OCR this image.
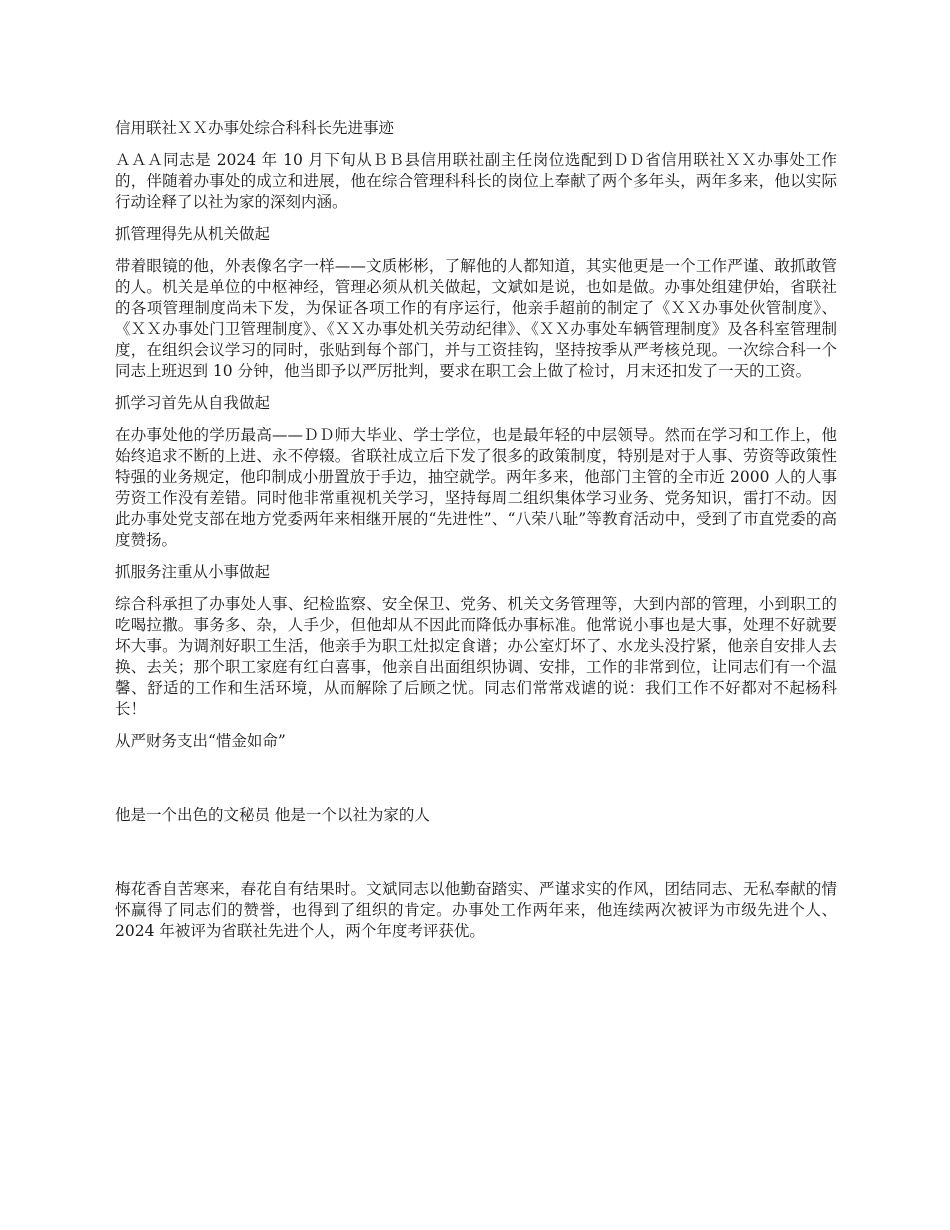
信用联社ＸＸ办事处综合科科长先进事迹

ＡＡＡ同志是 2024 年 10 月下旬从ＢＢ县信用联社副主任岗位选配到ＤＤ省信用联社ＸＸ办事处工作的，伴随着办事处的成立和进展，他在综合管理科科长的岗位上奉献了两个多年头，两年多来，他以实际行动诠释了以社为家的深刻内涵。

抓管理得先从机关做起

带着眼镜的他，外表像名字一样——文质彬彬，了解他的人都知道，其实他更是一个工作严谨、敢抓敢管的人。机关是单位的中枢神经，管理必须从机关做起，文斌如是说，也如是做。办事处组建伊始，省联社的各项管理制度尚未下发，为保证各项工作的有序运行，他亲手超前的制定了《ＸＸ办事处伙管制度》、《ＸＸ办事处门卫管理制度》、《ＸＸ办事处机关劳动纪律》、《ＸＸ办事处车辆管理制度》及各科室管理制度，在组织会议学习的同时，张贴到每个部门，并与工资挂钩，坚持按季从严考核兑现。一次综合科一个同志上班迟到 10 分钟，他当即予以严厉批判，要求在职工会上做了检讨，月末还扣发了一天的工资。

抓学习首先从自我做起

在办事处他的学历最高——ＤＤ师大毕业、学士学位，也是最年轻的中层领导。然而在学习和工作上，他始终追求不断的上进、永不停辍。省联社成立后下发了很多的政策制度，特别是对于人事、劳资等政策性特强的业务规定，他印制成小册置放于手边，抽空就学。两年多来，他部门主管的全市近 2000 人的人事劳资工作没有差错。同时他非常重视机关学习，坚持每周二组织集体学习业务、党务知识，雷打不动。因此办事处党支部在地方党委两年来相继开展的“先进性”、“八荣八耻”等教育活动中，受到了市直党委的高度赞扬。

抓服务注重从小事做起

综合科承担了办事处人事、纪检监察、安全保卫、党务、机关文务管理等，大到内部的管理，小到职工的吃喝拉撒。事务多、杂，人手少，但他却从不因此而降低办事标准。他常说小事也是大事，处理不好就要坏大事。为调剂好职工生活，他亲手为职工灶拟定食谱；办公室灯坏了、水龙头没拧紧，他亲自安排人去换、去关；那个职工家庭有红白喜事，他亲自出面组织协调、安排，工作的非常到位，让同志们有一个温馨、舒适的工作和生活环境，从而解除了后顾之忧。同志们常常戏谑的说：我们工作不好都对不起杨科长！

从严财务支出“惜金如命”

他是一个出色的文秘员 他是一个以社为家的人

梅花香自苦寒来，春花自有结果时。文斌同志以他勤奋踏实、严谨求实的作风，团结同志、无私奉献的情怀赢得了同志们的赞誉，也得到了组织的肯定。办事处工作两年来，他连续两次被评为市级先进个人、2024 年被评为省联社先进个人，两个年度考评获优。
